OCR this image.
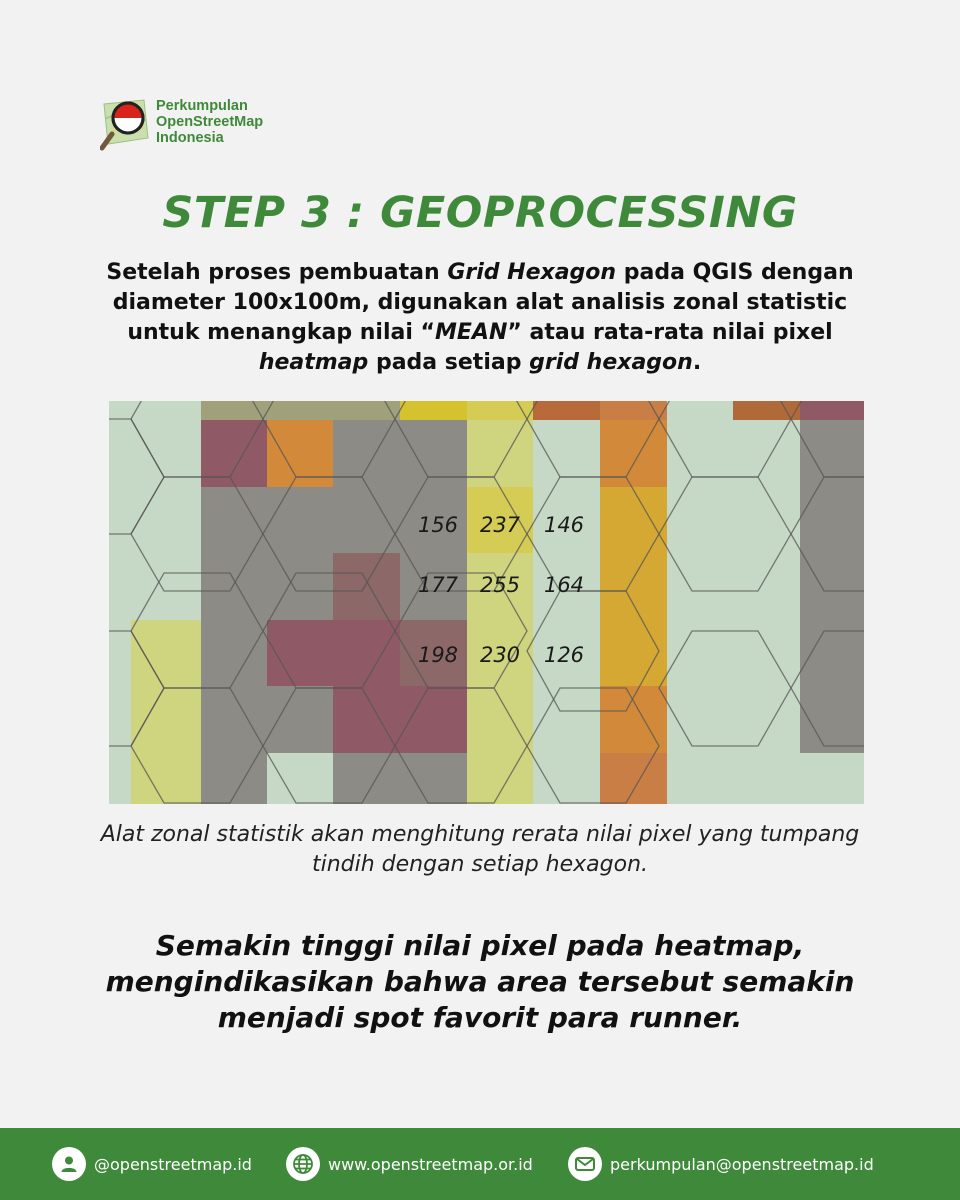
Perkumpulan
OpenStreetMap
Indonesia
STEP 3 : GEOPROCESSING

Setelah proses pembuatan Grid Hexagon pada QGIS dengan diameter 100x100m, digunakan alat analisis zonal statistic untuk menangkap nilai “MEAN” atau rata-rata nilai pixel heatmap pada setiap grid hexagon.

156 237 146
177 255 164
198 230 126

Alat zonal statistik akan menghitung rerata nilai pixel yang tumpang tindih dengan setiap hexagon.

Semakin tinggi nilai pixel pada heatmap, mengindikasikan bahwa area tersebut semakin menjadi spot favorit para runner.

@openstreetmap.id	www.openstreetmap.or.id	perkumpulan@openstreetmap.id
